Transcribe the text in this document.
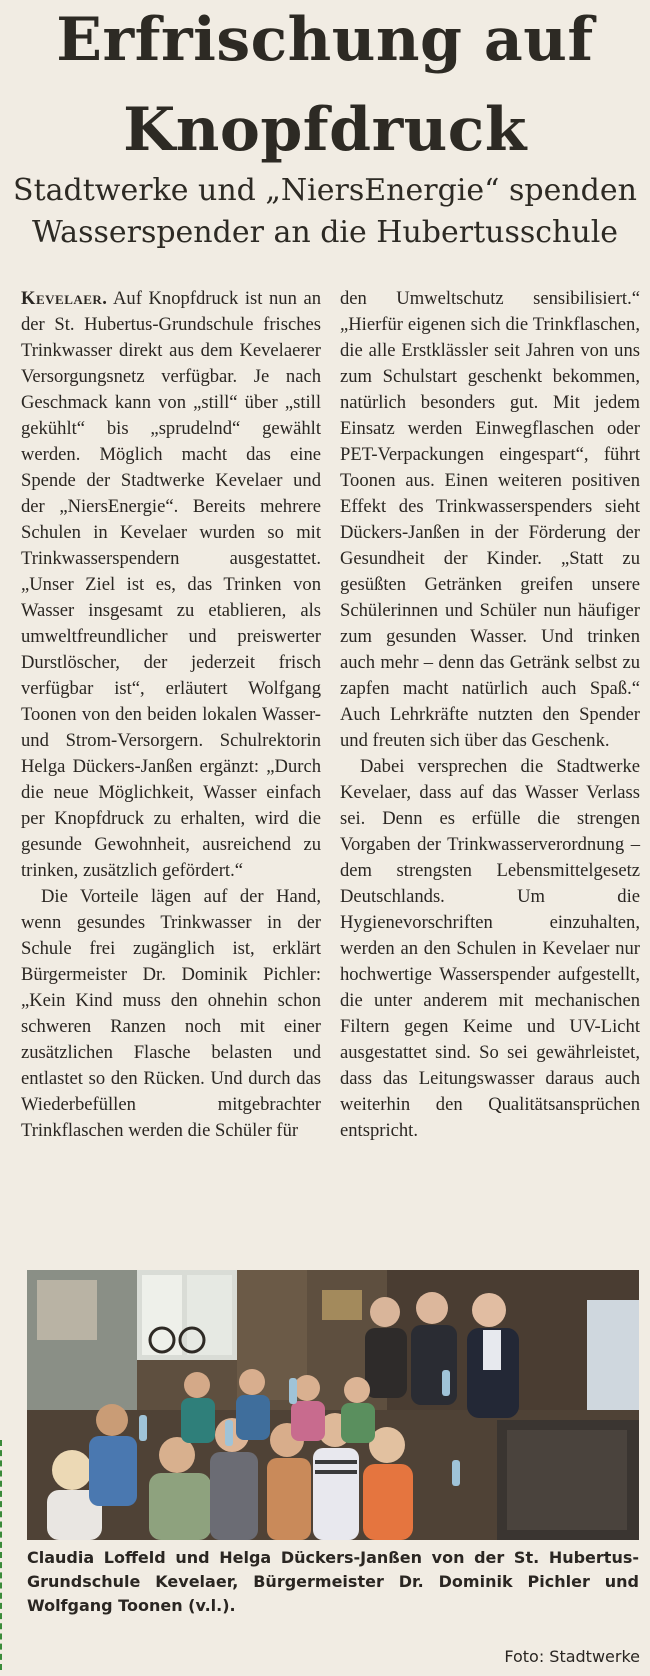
Erfrischung auf
Knopfdruck
Stadtwerke und „NiersEnergie“ spenden
Wasserspender an die Hubertusschule

Kevelaer. Auf Knopfdruck ist nun an der St. Hubertus-Grundschule frisches Trinkwasser direkt aus dem Kevelaerer Versorgungsnetz verfügbar. Je nach Geschmack kann von „still“ über „still gekühlt“ bis „sprudelnd“ gewählt werden. Möglich macht das eine Spende der Stadtwerke Kevelaer und der „NiersEnergie“. Bereits mehrere Schulen in Kevelaer wurden so mit Trinkwasserspendern ausgestattet. „Unser Ziel ist es, das Trinken von Wasser insgesamt zu etablieren, als umweltfreundlicher und preiswerter Durstlöscher, der jederzeit frisch verfügbar ist“, erläutert Wolfgang Toonen von den beiden lokalen Wasser- und Strom-Versorgern. Schulrektorin Helga Dückers-Janßen ergänzt: „Durch die neue Möglichkeit, Wasser einfach per Knopfdruck zu erhalten, wird die gesunde Gewohnheit, ausreichend zu trinken, zusätzlich gefördert.“

Die Vorteile lägen auf der Hand, wenn gesundes Trinkwasser in der Schule frei zugänglich ist, erklärt Bürgermeister Dr. Dominik Pichler: „Kein Kind muss den ohnehin schon schweren Ranzen noch mit einer zusätzlichen Flasche belasten und entlastet so den Rücken. Und durch das Wiederbefüllen mitgebrachter Trinkflaschen werden die Schüler für

den Umweltschutz sensibilisiert.“ „Hierfür eigenen sich die Trinkflaschen, die alle Erstklässler seit Jahren von uns zum Schulstart geschenkt bekommen, natürlich besonders gut. Mit jedem Einsatz werden Einwegflaschen oder PET-Verpackungen eingespart“, führt Toonen aus. Einen weiteren positiven Effekt des Trinkwasserspenders sieht Dückers-Janßen in der Förderung der Gesundheit der Kinder. „Statt zu gesüßten Getränken greifen unsere Schülerinnen und Schüler nun häufiger zum gesunden Wasser. Und trinken auch mehr – denn das Getränk selbst zu zapfen macht natürlich auch Spaß.“ Auch Lehrkräfte nutzten den Spender und freuten sich über das Geschenk.

Dabei versprechen die Stadtwerke Kevelaer, dass auf das Wasser Verlass sei. Denn es erfülle die strengen Vorgaben der Trinkwasserverordnung – dem strengsten Lebensmittelgesetz Deutschlands. Um die Hygienevorschriften einzuhalten, werden an den Schulen in Kevelaer nur hochwertige Wasserspender aufgestellt, die unter anderem mit mechanischen Filtern gegen Keime und UV-Licht ausgestattet sind. So sei gewährleistet, dass das Leitungswasser daraus auch weiterhin den Qualitätsansprüchen entspricht.

Claudia Loffeld und Helga Dückers-Janßen von der St. Hubertus-Grundschule Kevelaer, Bürgermeister Dr. Dominik Pichler und Wolfgang Toonen (v.l.).
Foto: Stadtwerke
